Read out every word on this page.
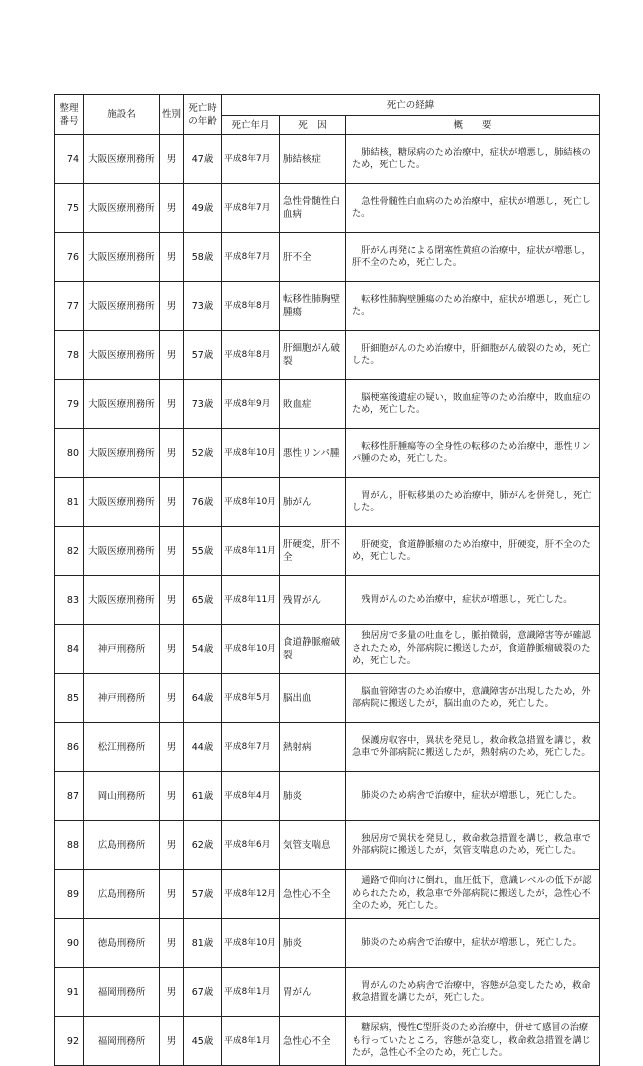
整理番号	施設名	性別	死亡時の年齢	死亡の経緯		
				死亡年月	死　因	概　　要
74	大阪医療刑務所	男	47歳	平成8年7月	肺結核症	肺結核，糖尿病のため治療中，症状が増悪し，肺結核のため，死亡した。

75	大阪医療刑務所	男	49歳	平成8年7月	急性骨髄性白血病	急性骨髄性白血病のため治療中，症状が増悪し，死亡した。

76	大阪医療刑務所	男	58歳	平成8年7月	肝不全	肝がん再発による閉塞性黄疸の治療中，症状が増悪し，肝不全のため，死亡した。

77	大阪医療刑務所	男	73歳	平成8年8月	転移性肺胸壁腫瘍	転移性肺胸壁腫瘍のため治療中，症状が増悪し，死亡した。

78	大阪医療刑務所	男	57歳	平成8年8月	肝細胞がん破裂	肝細胞がんのため治療中，肝細胞がん破裂のため，死亡した。

79	大阪医療刑務所	男	73歳	平成8年9月	敗血症	脳梗塞後遺症の疑い，敗血症等のため治療中，敗血症のため，死亡した。

80	大阪医療刑務所	男	52歳	平成8年10月	悪性リンパ腫	転移性肝腫瘍等の全身性の転移のため治療中，悪性リンパ腫のため，死亡した。

81	大阪医療刑務所	男	76歳	平成8年10月	肺がん	胃がん，肝転移巣のため治療中，肺がんを併発し，死亡した。

82	大阪医療刑務所	男	55歳	平成8年11月	肝硬変，肝不全	肝硬変，食道静脈瘤のため治療中，肝硬変，肝不全のため，死亡した。

83	大阪医療刑務所	男	65歳	平成8年11月	残胃がん	残胃がんのため治療中，症状が増悪し，死亡した。

84	神戸刑務所	男	54歳	平成8年10月	食道静脈瘤破裂	独居房で多量の吐血をし，脈拍微弱，意識障害等が確認されたため，外部病院に搬送したが，食道静脈瘤破裂のため，死亡した。

85	神戸刑務所	男	64歳	平成8年5月	脳出血	脳血管障害のため治療中，意識障害が出現したため，外部病院に搬送したが，脳出血のため，死亡した。

86	松江刑務所	男	44歳	平成8年7月	熱射病	保護房収容中，異状を発見し，救命救急措置を講じ，救急車で外部病院に搬送したが，熱射病のため，死亡した。

87	岡山刑務所	男	61歳	平成8年4月	肺炎	肺炎のため病舎で治療中，症状が増悪し，死亡した。

88	広島刑務所	男	62歳	平成8年6月	気管支喘息	独居房で異状を発見し，救命救急措置を講じ，救急車で外部病院に搬送したが，気管支喘息のため，死亡した。

89	広島刑務所	男	57歳	平成8年12月	急性心不全	通路で仰向けに倒れ，血圧低下，意識レベルの低下が認められたため，救急車で外部病院に搬送したが，急性心不全のため，死亡した。

90	徳島刑務所	男	81歳	平成8年10月	肺炎	肺炎のため病舎で治療中，症状が増悪し，死亡した。

91	福岡刑務所	男	67歳	平成8年1月	胃がん	胃がんのため病舎で治療中，容態が急変したため，救命救急措置を講じたが，死亡した。

92	福岡刑務所	男	45歳	平成8年1月	急性心不全	糖尿病，慢性C型肝炎のため治療中，併せて感冒の治療も行っていたところ，容態が急変し，救命救急措置を講じたが，急性心不全のため，死亡した。
